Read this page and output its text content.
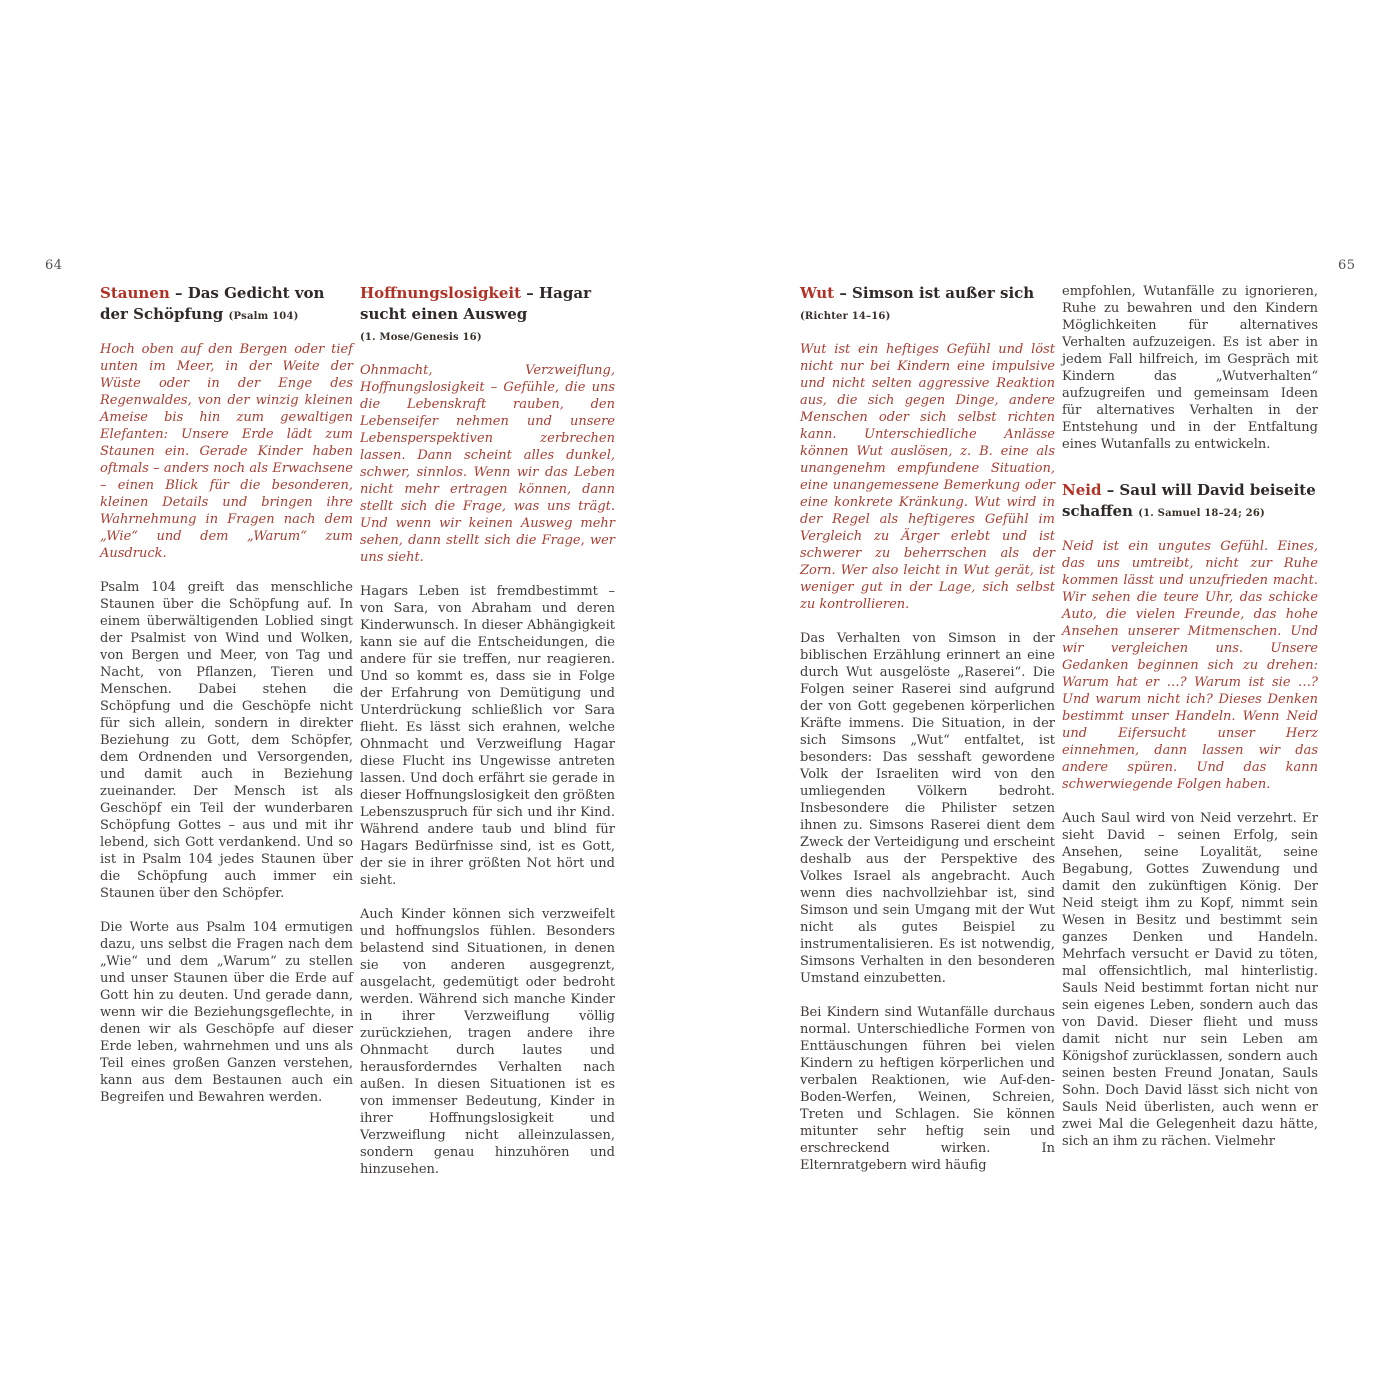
64	65
Staunen – Das Gedicht von der Schöpfung (Psalm 104)

Hoch oben auf den Bergen oder tief unten im Meer, in der Weite der Wüste oder in der Enge des Regenwaldes, von der winzig kleinen Ameise bis hin zum gewaltigen Elefanten: Unsere Erde lädt zum Staunen ein. Gerade Kinder haben oftmals – anders noch als Erwachsene – einen Blick für die besonderen, kleinen Details und bringen ihre Wahrnehmung in Fragen nach dem „Wie“ und dem „Warum“ zum Ausdruck.

Psalm 104 greift das menschliche Staunen über die Schöpfung auf. In einem überwältigenden Loblied singt der Psalmist von Wind und Wolken, von Bergen und Meer, von Tag und Nacht, von Pflanzen, Tieren und Menschen. Dabei stehen die Schöpfung und die Geschöpfe nicht für sich allein, sondern in direkter Beziehung zu Gott, dem Schöpfer, dem Ordnenden und Versorgenden, und damit auch in Beziehung zueinander. Der Mensch ist als Geschöpf ein Teil der wunderbaren Schöpfung Gottes – aus und mit ihr lebend, sich Gott verdankend. Und so ist in Psalm 104 jedes Staunen über die Schöpfung auch immer ein Staunen über den Schöpfer.

Die Worte aus Psalm 104 ermutigen dazu, uns selbst die Fragen nach dem „Wie“ und dem „Warum“ zu stellen und unser Staunen über die Erde auf Gott hin zu deuten. Und gerade dann, wenn wir die Beziehungsgeflechte, in denen wir als Geschöpfe auf dieser Erde leben, wahrnehmen und uns als Teil eines großen Ganzen verstehen, kann aus dem Bestaunen auch ein Begreifen und Bewahren werden.

Hoffnungslosigkeit – Hagar sucht einen Ausweg (1. Mose/Genesis 16)

Ohnmacht, Verzweiflung, Hoffnungslosigkeit – Gefühle, die uns die Lebenskraft rauben, den Lebenseifer nehmen und unsere Lebensperspektiven zerbrechen lassen. Dann scheint alles dunkel, schwer, sinnlos. Wenn wir das Leben nicht mehr ertragen können, dann stellt sich die Frage, was uns trägt. Und wenn wir keinen Ausweg mehr sehen, dann stellt sich die Frage, wer uns sieht.

Hagars Leben ist fremdbestimmt – von Sara, von Abraham und deren Kinderwunsch. In dieser Abhängigkeit kann sie auf die Entscheidungen, die andere für sie treffen, nur reagieren. Und so kommt es, dass sie in Folge der Erfahrung von Demütigung und Unterdrückung schließlich vor Sara flieht. Es lässt sich erahnen, welche Ohnmacht und Verzweiflung Hagar diese Flucht ins Ungewisse antreten lassen. Und doch erfährt sie gerade in dieser Hoffnungslosigkeit den größten Lebenszuspruch für sich und ihr Kind. Während andere taub und blind für Hagars Bedürfnisse sind, ist es Gott, der sie in ihrer größten Not hört und sieht.

Auch Kinder können sich verzweifelt und hoffnungslos fühlen. Besonders belastend sind Situationen, in denen sie von anderen ausgegrenzt, ausgelacht, gedemütigt oder bedroht werden. Während sich manche Kinder in ihrer Verzweiflung völlig zurückziehen, tragen andere ihre Ohnmacht durch lautes und herausforderndes Verhalten nach außen. In diesen Situationen ist es von immenser Bedeutung, Kinder in ihrer Hoffnungslosigkeit und Verzweiflung nicht alleinzulassen, sondern genau hinzuhören und hinzusehen.

Wut – Simson ist außer sich
(Richter 14–16)

Wut ist ein heftiges Gefühl und löst nicht nur bei Kindern eine impulsive und nicht selten aggressive Reaktion aus, die sich gegen Dinge, andere Menschen oder sich selbst richten kann. Unterschiedliche Anlässe können Wut auslösen, z. B. eine als unangenehm empfundene Situation, eine unangemessene Bemerkung oder eine konkrete Kränkung. Wut wird in der Regel als heftigeres Gefühl im Vergleich zu Ärger erlebt und ist schwerer zu beherrschen als der Zorn. Wer also leicht in Wut gerät, ist weniger gut in der Lage, sich selbst zu kontrollieren.

Das Verhalten von Simson in der biblischen Erzählung erinnert an eine durch Wut ausgelöste „Raserei“. Die Folgen seiner Raserei sind aufgrund der von Gott gegebenen körperlichen Kräfte immens. Die Situation, in der sich Simsons „Wut“ entfaltet, ist besonders: Das sesshaft gewordene Volk der Israeliten wird von den umliegenden Völkern bedroht. Insbesondere die Philister setzen ihnen zu. Simsons Raserei dient dem Zweck der Verteidigung und erscheint deshalb aus der Perspektive des Volkes Israel als angebracht. Auch wenn dies nachvollziehbar ist, sind Simson und sein Umgang mit der Wut nicht als gutes Beispiel zu instrumentalisieren. Es ist notwendig, Simsons Verhalten in den besonderen Umstand einzubetten.

Bei Kindern sind Wutanfälle durchaus normal. Unterschiedliche Formen von Enttäuschungen führen bei vielen Kindern zu heftigen körperlichen und verbalen Reaktionen, wie Auf-den-Boden-Werfen, Weinen, Schreien, Treten und Schlagen. Sie können mitunter sehr heftig sein und erschreckend wirken. In Elternratgebern wird häufig

empfohlen, Wutanfälle zu ignorieren, Ruhe zu bewahren und den Kindern Möglichkeiten für alternatives Verhalten aufzuzeigen. Es ist aber in jedem Fall hilfreich, im Gespräch mit Kindern das „Wutverhalten“ aufzugreifen und gemeinsam Ideen für alternatives Verhalten in der Entstehung und in der Entfaltung eines Wutanfalls zu entwickeln.

Neid – Saul will David beiseite schaffen (1. Samuel 18–24; 26)

Neid ist ein ungutes Gefühl. Eines, das uns umtreibt, nicht zur Ruhe kommen lässt und unzufrieden macht. Wir sehen die teure Uhr, das schicke Auto, die vielen Freunde, das hohe Ansehen unserer Mitmenschen. Und wir vergleichen uns. Unsere Gedanken beginnen sich zu drehen: Warum hat er …? Warum ist sie …? Und warum nicht ich? Dieses Denken bestimmt unser Handeln. Wenn Neid und Eifersucht unser Herz einnehmen, dann lassen wir das andere spüren. Und das kann schwerwiegende Folgen haben.

Auch Saul wird von Neid verzehrt. Er sieht David – seinen Erfolg, sein Ansehen, seine Loyalität, seine Begabung, Gottes Zuwendung und damit den zukünftigen König. Der Neid steigt ihm zu Kopf, nimmt sein Wesen in Besitz und bestimmt sein ganzes Denken und Handeln. Mehrfach versucht er David zu töten, mal offensichtlich, mal hinterlistig. Sauls Neid bestimmt fortan nicht nur sein eigenes Leben, sondern auch das von David. Dieser flieht und muss damit nicht nur sein Leben am Königshof zurücklassen, sondern auch seinen besten Freund Jonatan, Sauls Sohn. Doch David lässt sich nicht von Sauls Neid überlisten, auch wenn er zwei Mal die Gelegenheit dazu hätte, sich an ihm zu rächen. Vielmehr
